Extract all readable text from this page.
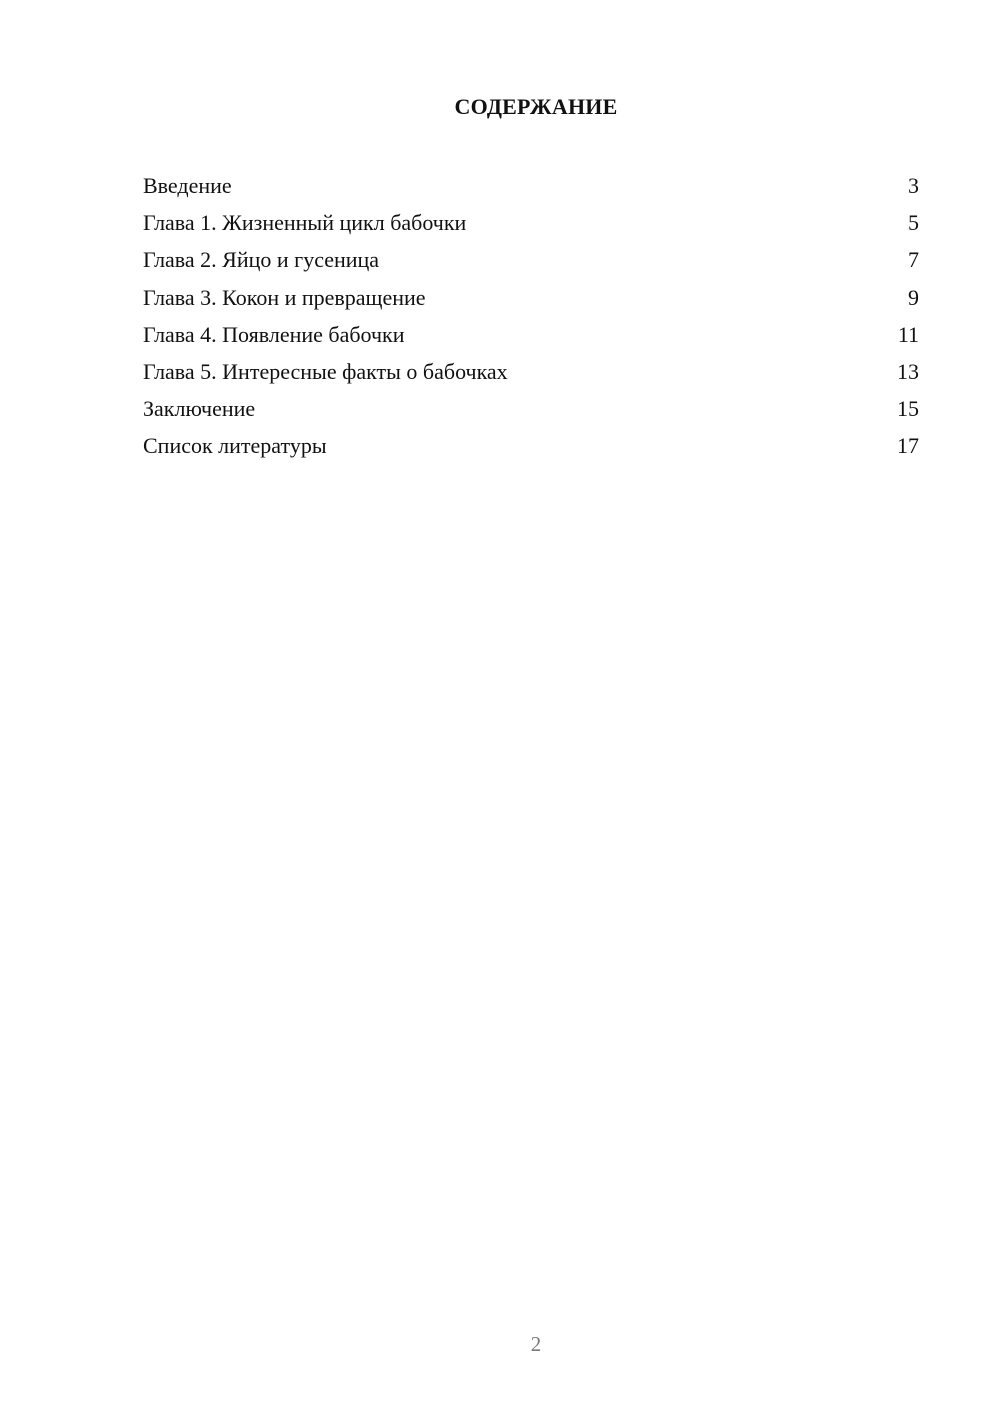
СОДЕРЖАНИЕ
Введение	3
Глава 1. Жизненный цикл бабочки	5
Глава 2. Яйцо и гусеница	7
Глава 3. Кокон и превращение	9
Глава 4. Появление бабочки	11
Глава 5. Интересные факты о бабочках	13
Заключение	15
Список литературы	17
2
